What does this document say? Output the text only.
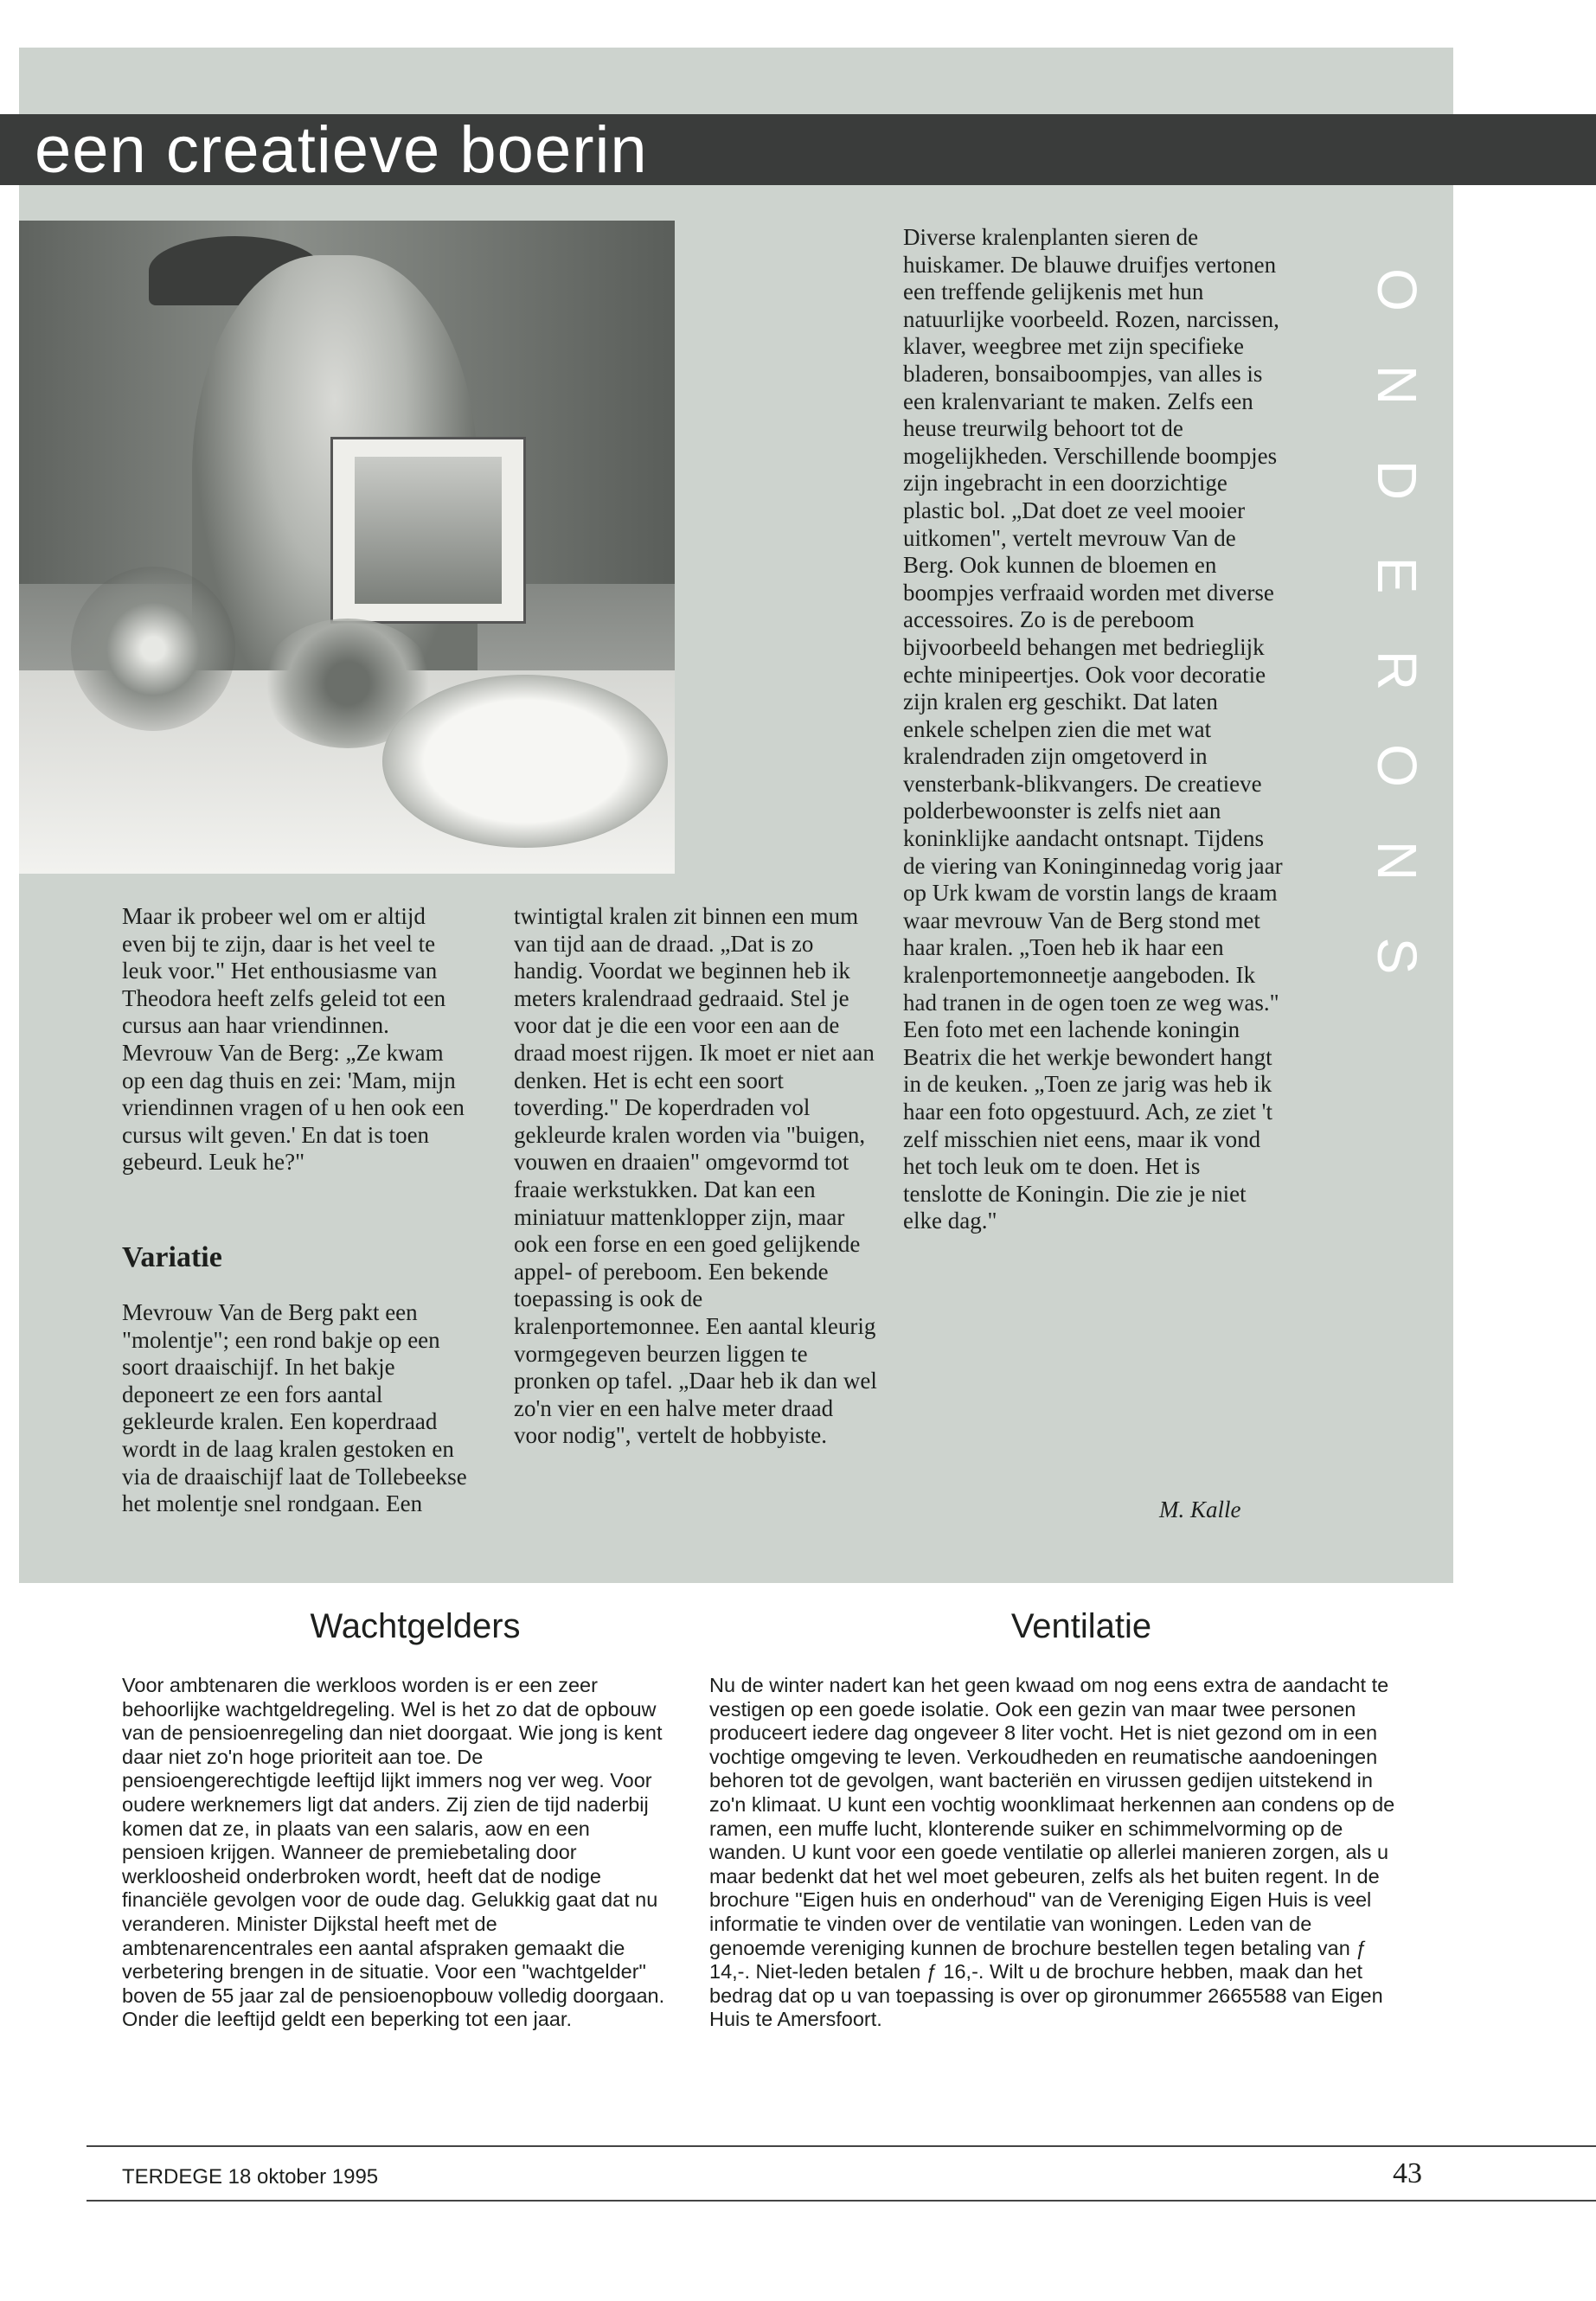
een creatieve boerin

Maar ik probeer wel om er altijd even bij te zijn, daar is het veel te leuk voor." Het enthousiasme van Theodora heeft zelfs geleid tot een cursus aan haar vriendinnen. Mevrouw Van de Berg: „Ze kwam op een dag thuis en zei: 'Mam, mijn vriendinnen vragen of u hen ook een cursus wilt geven.' En dat is toen gebeurd. Leuk he?"

Variatie

Mevrouw Van de Berg pakt een "molentje"; een rond bakje op een soort draaischijf. In het bakje deponeert ze een fors aantal gekleurde kralen. Een koperdraad wordt in de laag kralen gestoken en via de draaischijf laat de Tollebeekse het molentje snel rondgaan. Een

twintigtal kralen zit binnen een mum van tijd aan de draad. „Dat is zo handig. Voordat we beginnen heb ik meters kralendraad gedraaid. Stel je voor dat je die een voor een aan de draad moest rijgen. Ik moet er niet aan denken. Het is echt een soort toverding." De koperdraden vol gekleurde kralen worden via "buigen, vouwen en draaien" omgevormd tot fraaie werkstukken. Dat kan een miniatuur mattenklopper zijn, maar ook een forse en een goed gelijkende appel- of pereboom. Een bekende toepassing is ook de kralenportemonnee. Een aantal kleurig vormgegeven beurzen liggen te pronken op tafel. „Daar heb ik dan wel zo'n vier en een halve meter draad voor nodig", vertelt de hobbyiste.

Diverse kralenplanten sieren de huiskamer. De blauwe druifjes vertonen een treffende gelijkenis met hun natuurlijke voorbeeld. Rozen, narcissen, klaver, weegbree met zijn specifieke bladeren, bonsaiboompjes, van alles is een kralenvariant te maken. Zelfs een heuse treurwilg behoort tot de mogelijkheden. Verschillende boompjes zijn ingebracht in een doorzichtige plastic bol. „Dat doet ze veel mooier uitkomen", vertelt mevrouw Van de Berg. Ook kunnen de bloemen en boompjes verfraaid worden met diverse accessoires. Zo is de pereboom bijvoorbeeld behangen met bedrieglijk echte minipeertjes. Ook voor decoratie zijn kralen erg geschikt. Dat laten enkele schelpen zien die met wat kralendraden zijn omgetoverd in vensterbank-blikvangers. De creatieve polderbewoonster is zelfs niet aan koninklijke aandacht ontsnapt. Tijdens de viering van Koninginnedag vorig jaar op Urk kwam de vorstin langs de kraam waar mevrouw Van de Berg stond met haar kralen. „Toen heb ik haar een kralenportemonneetje aangeboden. Ik had tranen in de ogen toen ze weg was." Een foto met een lachende koningin Beatrix die het werkje bewondert hangt in de keuken. „Toen ze jarig was heb ik haar een foto opgestuurd. Ach, ze ziet 't zelf misschien niet eens, maar ik vond het toch leuk om te doen. Het is tenslotte de Koningin. Die zie je niet elke dag."

M. Kalle
O
N
D
E
R
O
N
S
Wachtgelders

Voor ambtenaren die werkloos worden is er een zeer behoorlijke wachtgeldregeling. Wel is het zo dat de opbouw van de pensioenregeling dan niet doorgaat. Wie jong is kent daar niet zo'n hoge prioriteit aan toe. De pensioengerechtigde leeftijd lijkt immers nog ver weg. Voor oudere werknemers ligt dat anders. Zij zien de tijd naderbij komen dat ze, in plaats van een salaris, aow en een pensioen krijgen. Wanneer de premiebetaling door werkloosheid onderbroken wordt, heeft dat de nodige financiële gevolgen voor de oude dag. Gelukkig gaat dat nu veranderen. Minister Dijkstal heeft met de ambtenarencentrales een aantal afspraken gemaakt die verbetering brengen in de situatie. Voor een "wachtgelder" boven de 55 jaar zal de pensioenopbouw volledig doorgaan. Onder die leeftijd geldt een beperking tot een jaar.

Ventilatie

Nu de winter nadert kan het geen kwaad om nog eens extra de aandacht te vestigen op een goede isolatie. Ook een gezin van maar twee personen produceert iedere dag ongeveer 8 liter vocht. Het is niet gezond om in een vochtige omgeving te leven. Verkoudheden en reumatische aandoeningen behoren tot de gevolgen, want bacteriën en virussen gedijen uitstekend in zo'n klimaat. U kunt een vochtig woonklimaat herkennen aan condens op de ramen, een muffe lucht, klonterende suiker en schimmelvorming op de wanden. U kunt voor een goede ventilatie op allerlei manieren zorgen, als u maar bedenkt dat het wel moet gebeuren, zelfs als het buiten regent. In de brochure "Eigen huis en onderhoud" van de Vereniging Eigen Huis is veel informatie te vinden over de ventilatie van woningen. Leden van de genoemde vereniging kunnen de brochure bestellen tegen betaling van ƒ 14,-. Niet-leden betalen ƒ 16,-. Wilt u de brochure hebben, maak dan het bedrag dat op u van toepassing is over op gironummer 2665588 van Eigen Huis te Amersfoort.

TERDEGE 18 oktober 1995	43
